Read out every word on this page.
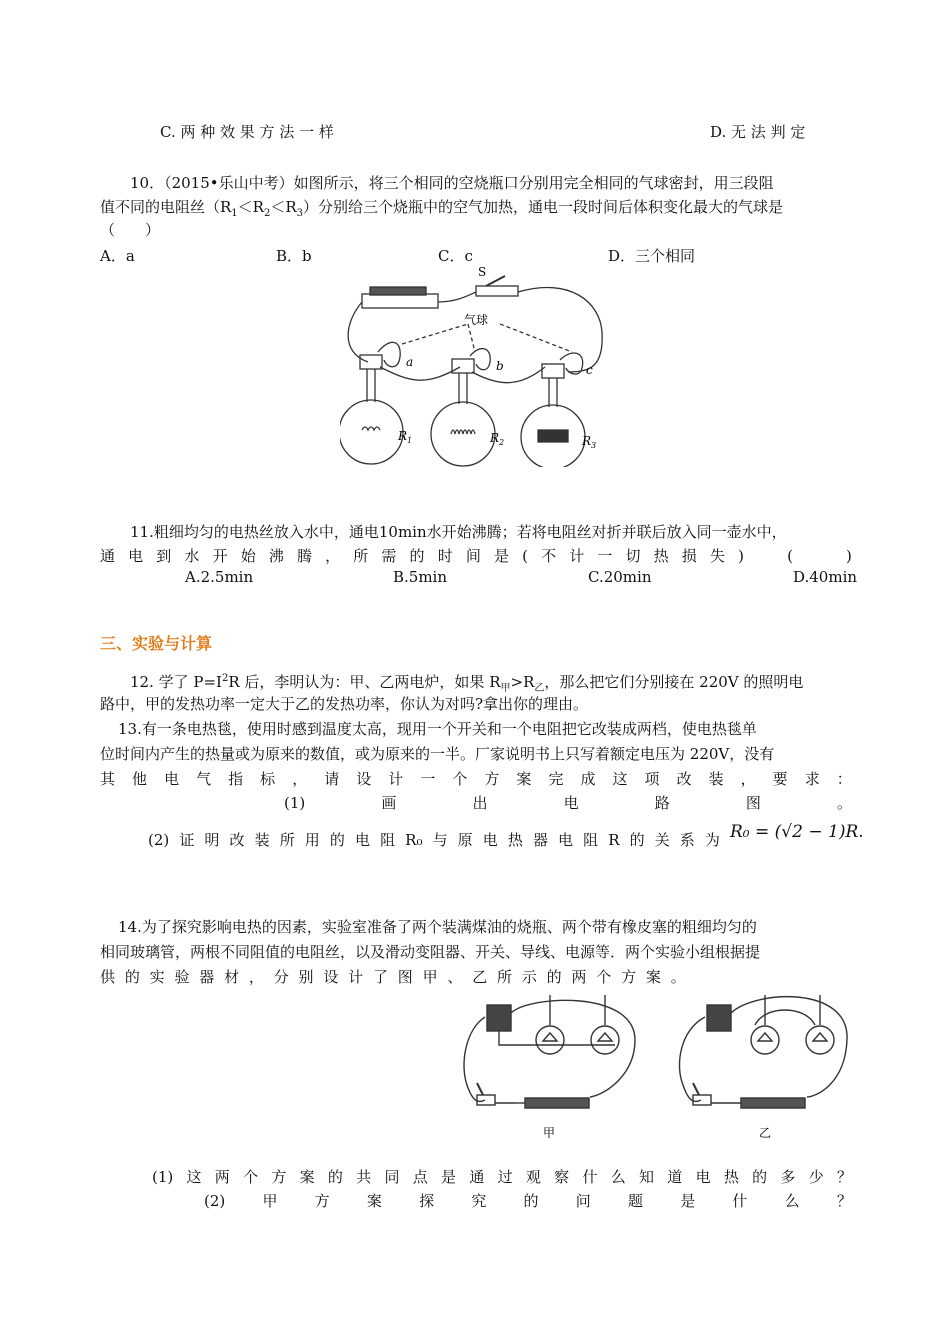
C. 两 种 效 果 方 法 一 样	D. 无 法 判 定
10．（2015•乐山中考）如图所示，将三个相同的空烧瓶口分别用完全相同的气球密封，用三段阻
值不同的电阻丝$(R_1<R_2<R_3)$分别给三个烧瓶中的空气加热，通电一段时间后体积变化最大的气球是
（　　）
A．a	B．b	C．c	D．三个相同
S
气球
a	b	c
$R_1$	$R_2$	$R_3$
11.粗细均匀的电热丝放入水中，通电10min水开始沸腾；若将电阻丝对折并联后放入同一壶水中，
通 电 到 水 开 始 沸 腾 ， 所 需 的 时 间 是 ( 不 计 一 切 热 损 失 )	(	)
A.2.5min	B.5min	C.20min	D.40min
三、实验与计算
12. 学了 $P=I^2R$ 后，李明认为：甲、乙两电炉，如果 $R_甲>R_乙$，那么把它们分别接在 220V 的照明电
路中，甲的发热功率一定大于乙的发热功率，你认为对吗?拿出你的理由。
13.有一条电热毯，使用时感到温度太高，现用一个开关和一个电阻把它改装成两档，使电热毯单
位时间内产生的热量或为原来的数值，或为原来的一半。厂家说明书上只写着额定电压为 220V，没有
其 他 电 气 指 标 ， 请 设 计 一 个 方 案 完 成 这 项 改 装 ， 要 求 ：
(1)	画	出	电	路	图	。
(2) 证 明 改 装 所 用 的 电 阻 R₀ 与 原 电 热 器 电 阻 R 的 关 系 为 R₀ = (√2 − 1)R.
14.为了探究影响电热的因素，实验室准备了两个装满煤油的烧瓶、两个带有橡皮塞的粗细均匀的
相同玻璃管，两根不同阻值的电阻丝，以及滑动变阻器、开关、导线、电源等．两个实验小组根据提
供 的 实 验 器 材 ， 分 别 设 计 了 图 甲 、 乙 所 示 的 两 个 方 案 。
甲	乙
(1) 这 两 个 方 案 的 共 同 点 是 通 过 观 察 什 么 知 道 电 热 的 多 少 ？
(2) 甲 方 案 探 究 的 问 题 是 什 么 ？
